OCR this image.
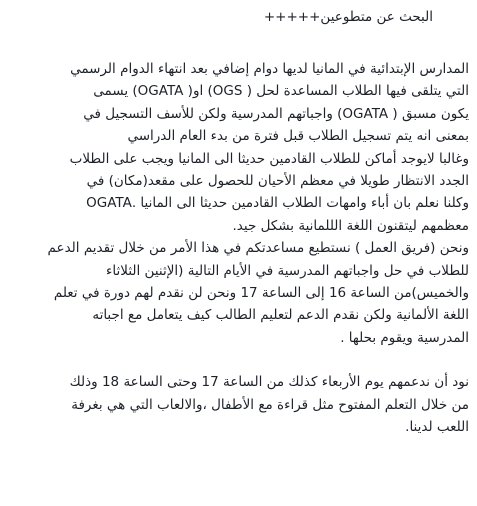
البحث عن متطوعين+++++

المدارس الإبتدائية في المانيا لديها دوام إضافي بعد انتهاء الدوام الرسمي
التي يتلقى فيها الطلاب المساعدة لحل ( OGS) او( OGATA) يسمى
يكون مسبق ( OGATA) واجباتهم المدرسية ولكن للأسف التسجيل في
بمعنى انه يتم تسجيل الطلاب قبل فترة من بدء العام الدراسي
وغالبا لايوجد أماكن للطلاب القادمين حديثا الى المانيا ويجب على الطلاب
الجدد الانتظار طويلا في معظم الأحيان للحصول على مقعد(مكان) في
وكلنا نعلم بان أباء وامهات الطلاب القادمين حديثا الى المانيا .OGATA
معظمهم ليتقنون اللغة الللمانية بشكل جيد.

ونحن (فريق العمل ) نستطيع مساعدتكم في هذا الأمر من خلال تقديم الدعم
للطلاب في حل واجباتهم المدرسية في الأيام التالية (الإثنين الثلاثاء
والخميس)من الساعة 16 إلى الساعة 17 ونحن لن نقدم لهم دورة في تعلم
اللغة الألمانية ولكن نقدم الدعم لتعليم الطالب كيف يتعامل مع اجباته
المدرسية ويقوم بحلها .

نود أن ندعمهم يوم الأربعاء كذلك من الساعة 17 وحتى الساعة 18 وذلك
من خلال التعلم المفتوح مثل قراءة مع الأطفال ،والالعاب التي هي بغرفة
اللعب لدينا.
